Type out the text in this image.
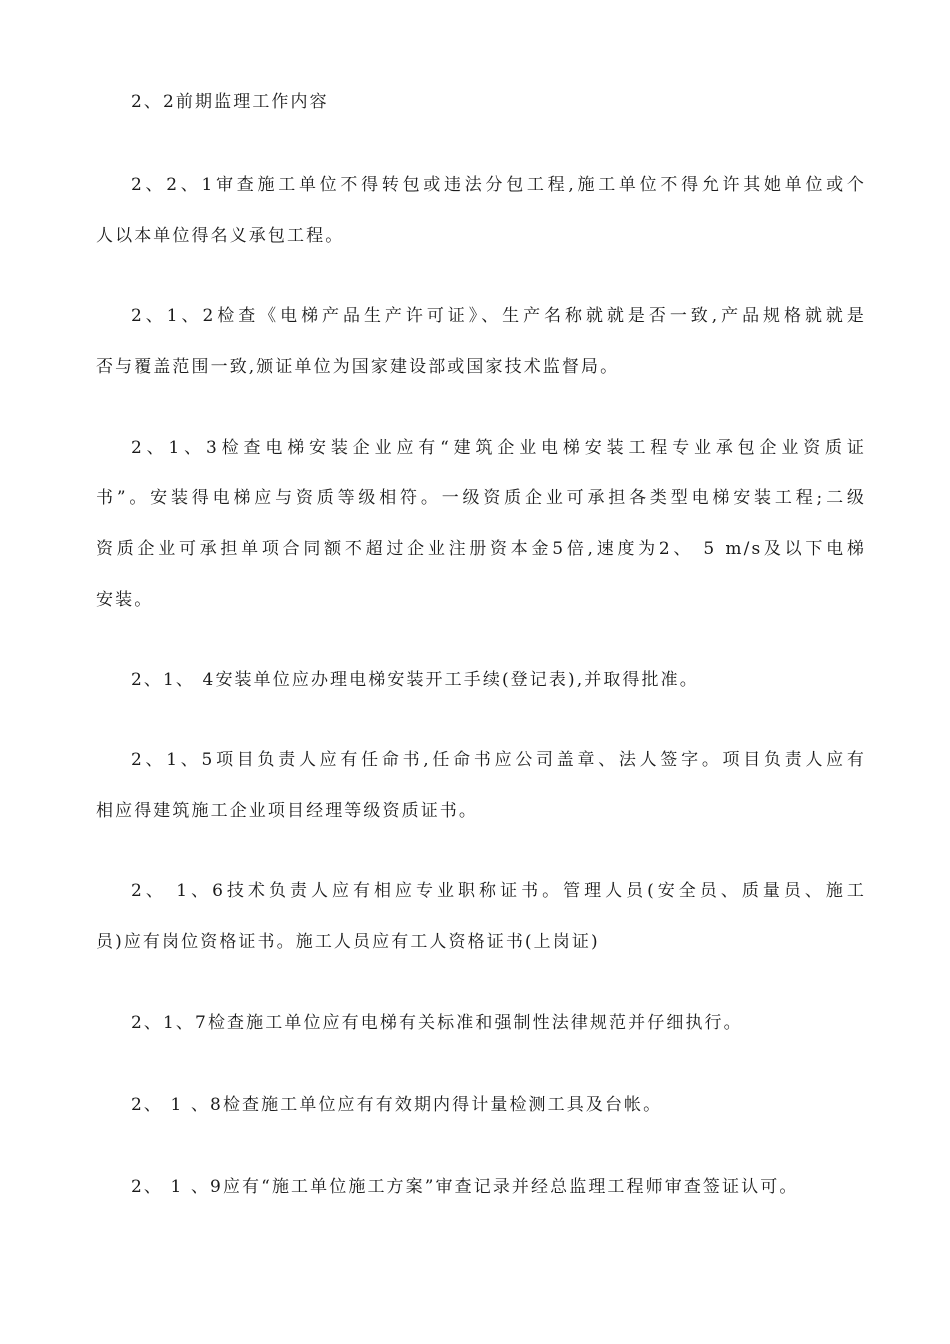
2、2前期监理工作内容
2、2、1审查施工单位不得转包或违法分包工程,施工单位不得允许其她单位或个
人以本单位得名义承包工程。
2、1、2检查《电梯产品生产许可证》、生产名称就就是否一致,产品规格就就是
否与覆盖范围一致,颁证单位为国家建设部或国家技术监督局。
2、1、3检查电梯安装企业应有“建筑企业电梯安装工程专业承包企业资质证
书”。安装得电梯应与资质等级相符。一级资质企业可承担各类型电梯安装工程;二级
资质企业可承担单项合同额不超过企业注册资本金5倍,速度为2、 5 m/s及以下电梯
安装。
2、1、 4安装单位应办理电梯安装开工手续(登记表),并取得批准。
2、1、5项目负责人应有任命书,任命书应公司盖章、法人签字。项目负责人应有
相应得建筑施工企业项目经理等级资质证书。
2、 1、6技术负责人应有相应专业职称证书。管理人员(安全员、质量员、施工
员)应有岗位资格证书。施工人员应有工人资格证书(上岗证)
2、1、7检查施工单位应有电梯有关标准和强制性法律规范并仔细执行。
2、 1 、8检查施工单位应有有效期内得计量检测工具及台帐。
2、 1 、9应有“施工单位施工方案”审查记录并经总监理工程师审查签证认可。
